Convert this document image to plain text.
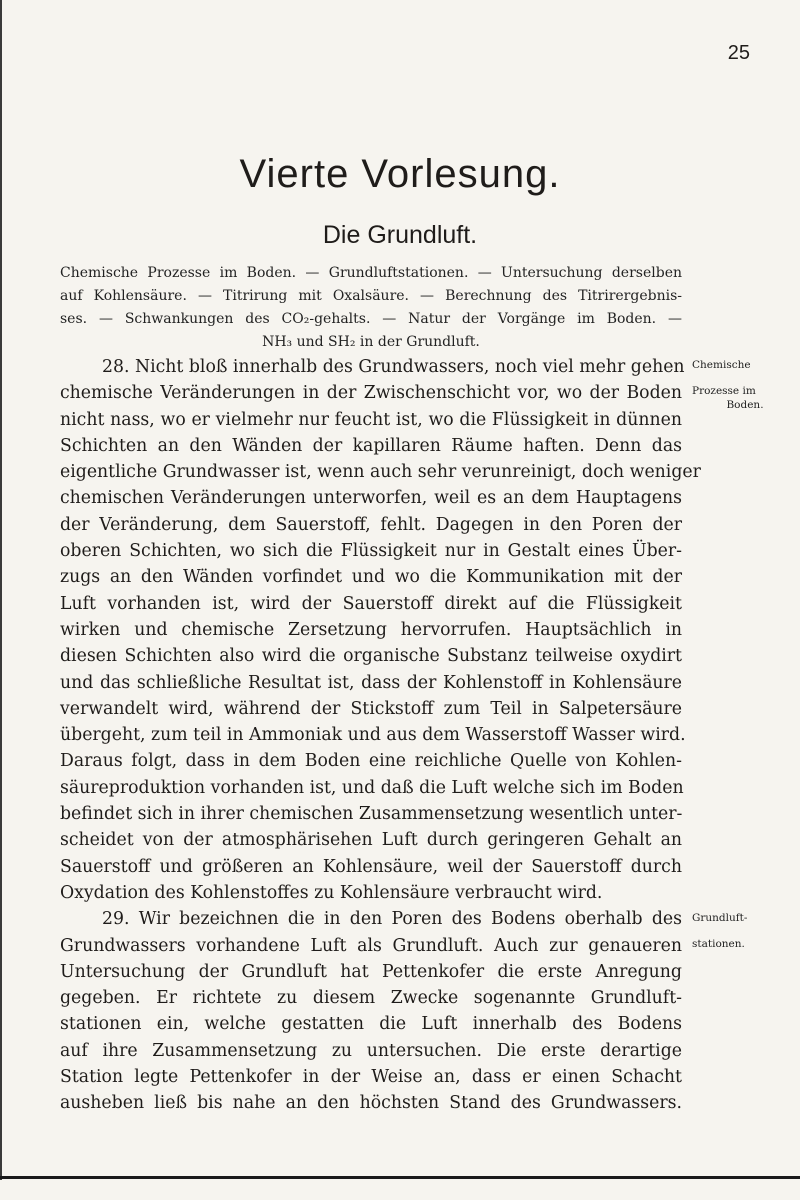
25
Vierte Vorlesung.
Die Grundluft.
Chemische Prozesse im Boden. — Grundluftstationen. — Untersuchung derselben
auf Kohlensäure. — Titrirung mit Oxalsäure. — Berechnung des Titrirergebnis-
ses. — Schwankungen des CO₂-gehalts. — Natur der Vorgänge im Boden. —
NH₃ und SH₂ in der Grundluft.
Chemische
Prozesse im
Boden.
Grundluft-
stationen.
28. Nicht bloß innerhalb des Grundwassers, noch viel mehr gehen
chemische Veränderungen in der Zwischenschicht vor, wo der Boden
nicht nass, wo er vielmehr nur feucht ist, wo die Flüssigkeit in dünnen
Schichten an den Wänden der kapillaren Räume haften. Denn das
eigentliche Grundwasser ist, wenn auch sehr verunreinigt, doch weniger
chemischen Veränderungen unterworfen, weil es an dem Hauptagens
der Veränderung, dem Sauerstoff, fehlt. Dagegen in den Poren der
oberen Schichten, wo sich die Flüssigkeit nur in Gestalt eines Über-
zugs an den Wänden vorfindet und wo die Kommunikation mit der
Luft vorhanden ist, wird der Sauerstoff direkt auf die Flüssigkeit
wirken und chemische Zersetzung hervorrufen. Hauptsächlich in
diesen Schichten also wird die organische Substanz teilweise oxydirt
und das schließliche Resultat ist, dass der Kohlenstoff in Kohlensäure
verwandelt wird, während der Stickstoff zum Teil in Salpetersäure
übergeht, zum teil in Ammoniak und aus dem Wasserstoff Wasser wird.
Daraus folgt, dass in dem Boden eine reichliche Quelle von Kohlen-
säureproduktion vorhanden ist, und daß die Luft welche sich im Boden
befindet sich in ihrer chemischen Zusammensetzung wesentlich unter-
scheidet von der atmosphärisehen Luft durch geringeren Gehalt an
Sauerstoff und größeren an Kohlensäure, weil der Sauerstoff durch
Oxydation des Kohlenstoffes zu Kohlensäure verbraucht wird.
29. Wir bezeichnen die in den Poren des Bodens oberhalb des
Grundwassers vorhandene Luft als Grundluft. Auch zur genaueren
Untersuchung der Grundluft hat Pettenkofer die erste Anregung
gegeben. Er richtete zu diesem Zwecke sogenannte Grundluft-
stationen ein, welche gestatten die Luft innerhalb des Bodens
auf ihre Zusammensetzung zu untersuchen. Die erste derartige
Station legte Pettenkofer in der Weise an, dass er einen Schacht
ausheben ließ bis nahe an den höchsten Stand des Grundwassers.
